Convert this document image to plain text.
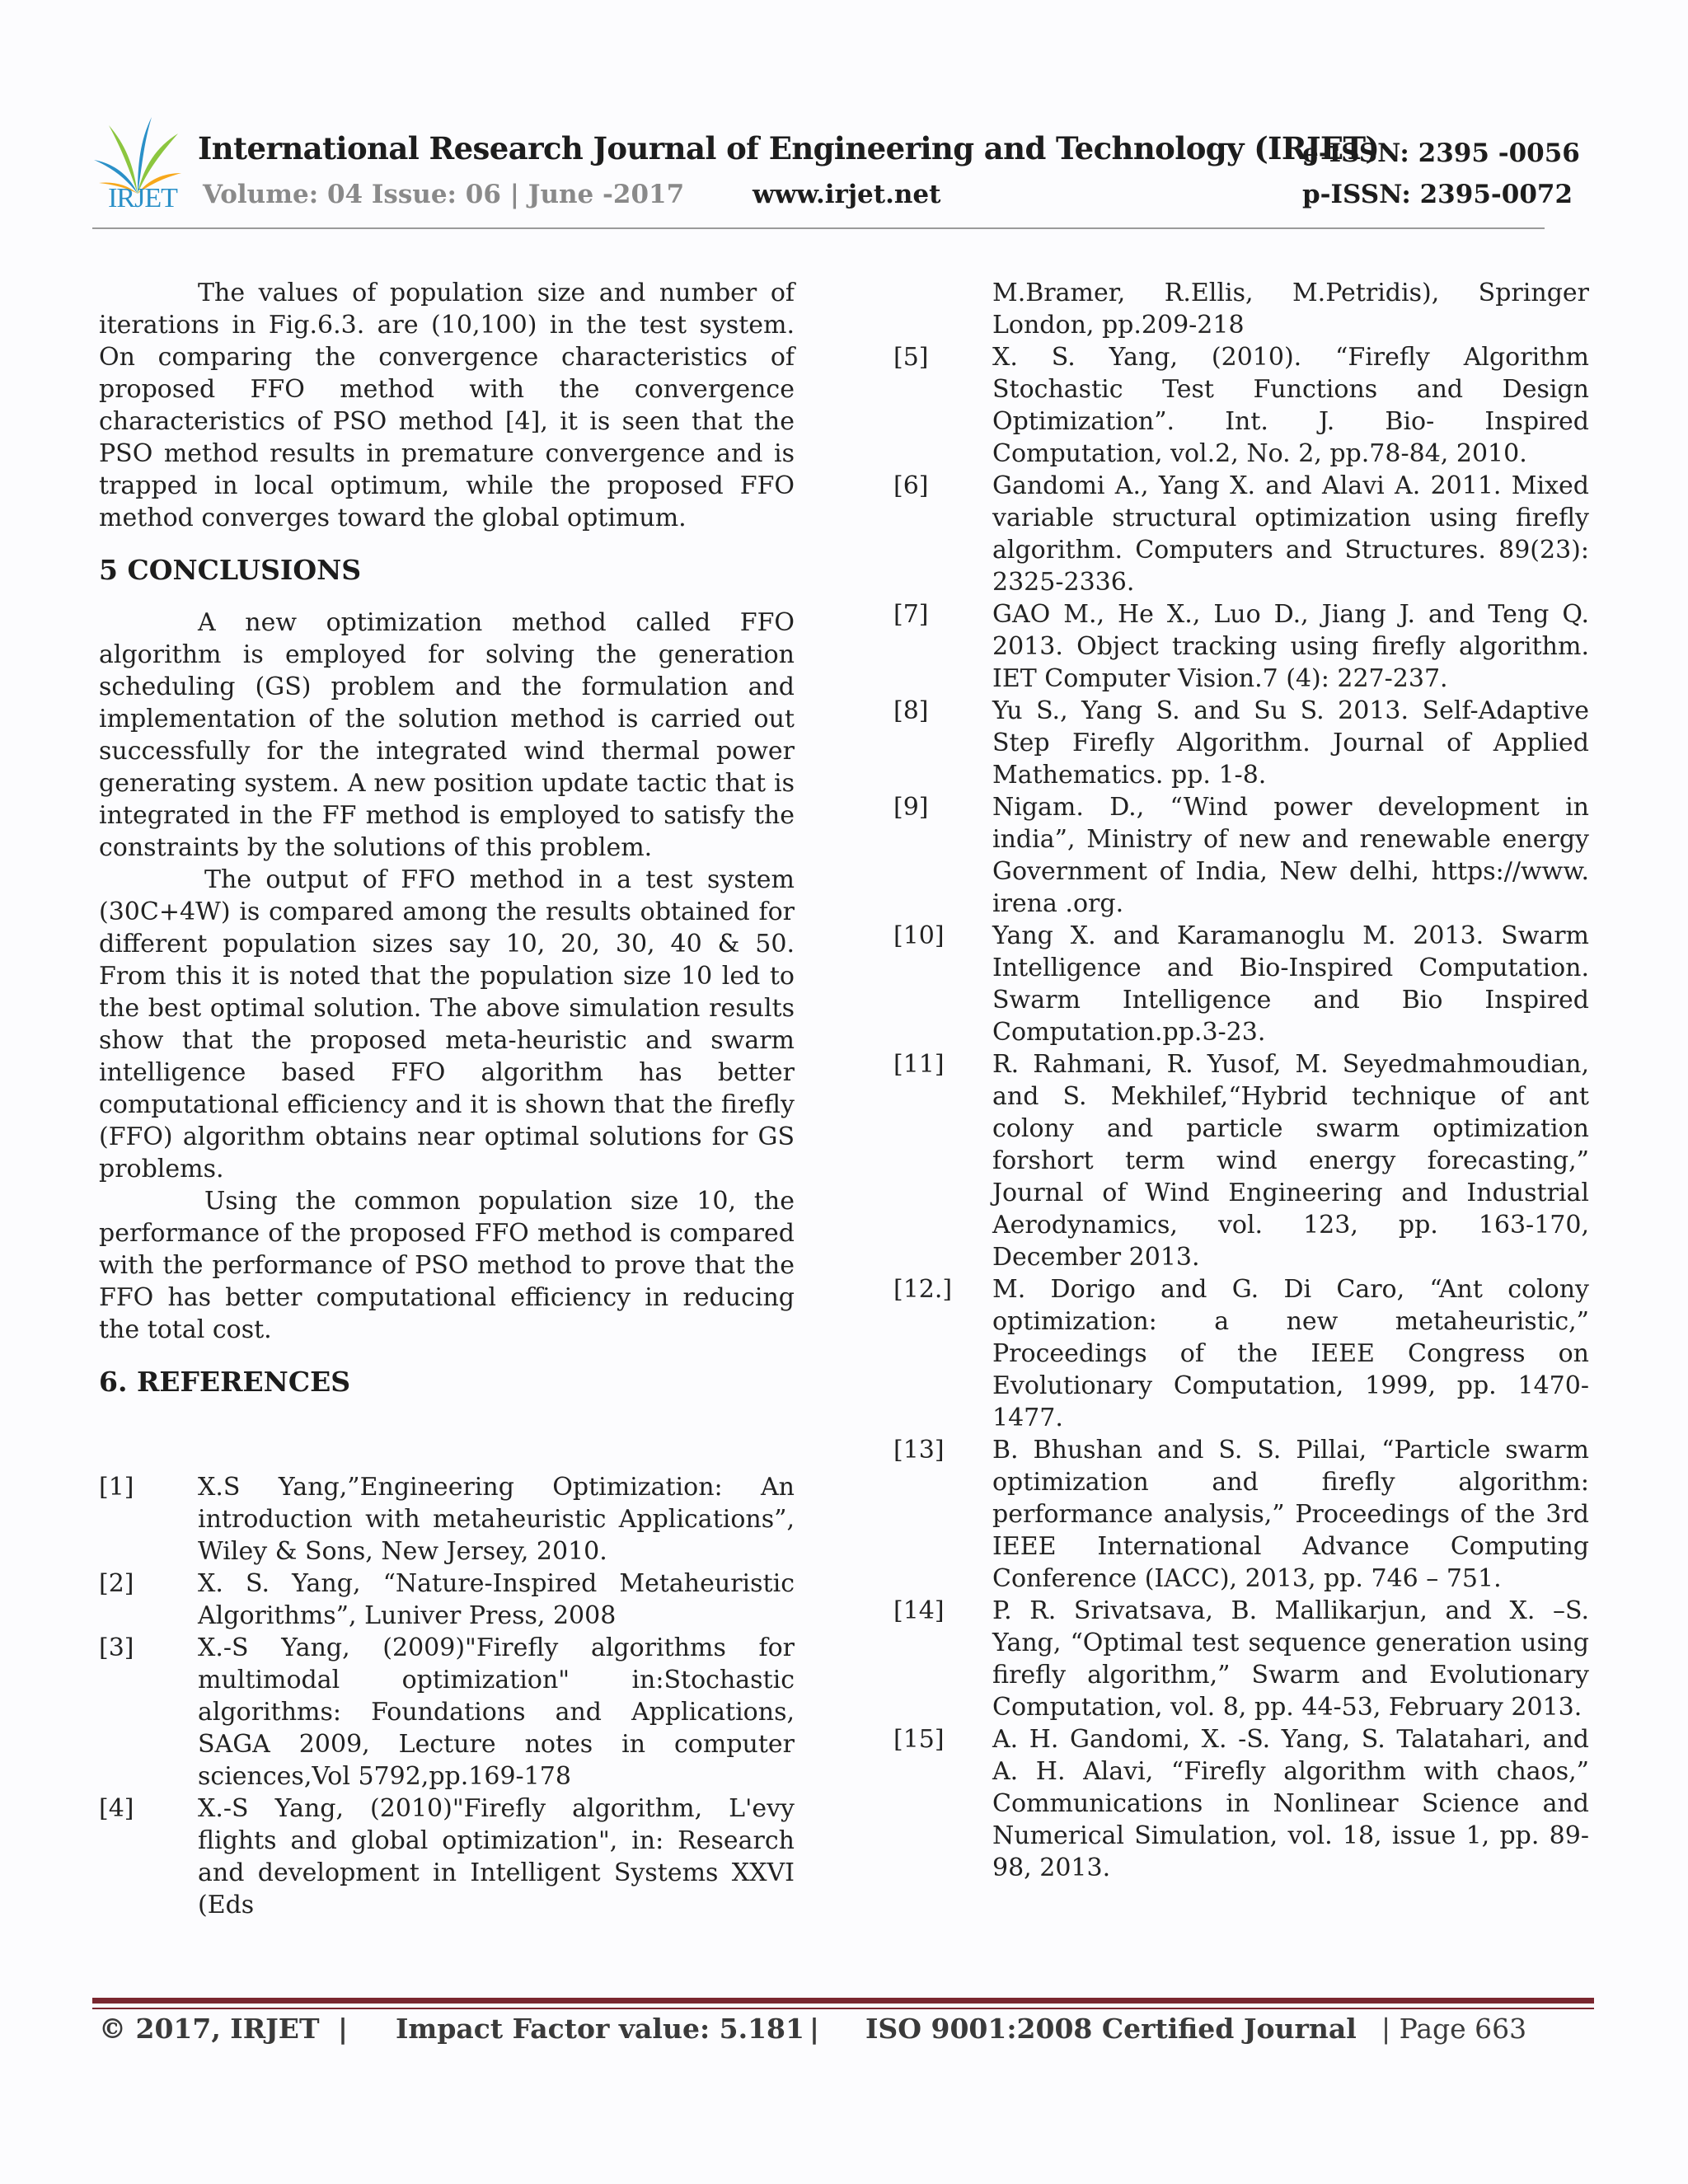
IRJET
International Research Journal of Engineering and Technology (IRJET)
e-ISSN: 2395 -0056
Volume: 04 Issue: 06 | June -2017	www.irjet.net	p-ISSN: 2395-0072

The values of population size and number of iterations in Fig.6.3. are (10,100) in the test system. On comparing the convergence characteristics of proposed FFO method with the convergence characteristics of PSO method [4], it is seen that the PSO method results in premature convergence and is trapped in local optimum, while the proposed FFO method converges toward the global optimum.

5 CONCLUSIONS

A new optimization method called FFO algorithm is employed for solving the generation scheduling (GS) problem and the formulation and implementation of the solution method is carried out successfully for the integrated wind thermal power generating system. A new position update tactic that is integrated in the FF method is employed to satisfy the constraints by the solutions of this problem.

The output of FFO method in a test system (30C+4W) is compared among the results obtained for different population sizes say 10, 20, 30, 40 & 50. From this it is noted that the population size 10 led to the best optimal solution. The above simulation results show that the proposed meta-heuristic and swarm intelligence based FFO algorithm has better computational efficiency and it is shown that the firefly (FFO) algorithm obtains near optimal solutions for GS problems.

Using the common population size 10, the performance of the proposed FFO method is compared with the performance of PSO method to prove that the FFO has better computational efficiency in reducing the total cost.

6. REFERENCES
[1]	X.S Yang,”Engineering Optimization: An introduction with metaheuristic Applications”, Wiley & Sons, New Jersey, 2010.
[2]	X. S. Yang, “Nature-Inspired Metaheuristic Algorithms”, Luniver Press, 2008
[3]	X.-S Yang, (2009)"Firefly algorithms for multimodal optimization" in:Stochastic algorithms: Foundations and Applications, SAGA 2009, Lecture notes in computer sciences,Vol 5792,pp.169-178
[4]	X.-S Yang, (2010)"Firefly algorithm, L'evy flights and global optimization", in: Research and development in Intelligent Systems XXVI (Eds

M.Bramer, R.Ellis, M.Petridis), Springer London, pp.209-218

[5]	X. S. Yang, (2010). “Firefly Algorithm Stochastic Test Functions and Design Optimization”. Int. J. Bio- Inspired Computation, vol.2, No. 2, pp.78-84, 2010.
[6]	Gandomi A., Yang X. and Alavi A. 2011. Mixed variable structural optimization using firefly algorithm. Computers and Structures. 89(23): 2325-2336.
[7]	GAO M., He X., Luo D., Jiang J. and Teng Q. 2013. Object tracking using firefly algorithm. IET Computer Vision.7 (4): 227-237.
[8]	Yu S., Yang S. and Su S. 2013. Self-Adaptive Step Firefly Algorithm. Journal of Applied Mathematics. pp. 1-8.
[9]	Nigam. D., “Wind power development in india”, Ministry of new and renewable energy Government of India, New delhi, https://www. irena .org.
[10]	Yang X. and Karamanoglu M. 2013. Swarm Intelligence and Bio-Inspired Computation. Swarm Intelligence and Bio Inspired Computation.pp.3-23.
[11]	R. Rahmani, R. Yusof, M. Seyedmahmoudian, and S. Mekhilef,“Hybrid technique of ant colony and particle swarm optimization forshort term wind energy forecasting,” Journal of Wind Engineering and Industrial Aerodynamics, vol. 123, pp. 163-170, December 2013.
[12.]	M. Dorigo and G. Di Caro, “Ant colony optimization: a new metaheuristic,” Proceedings of the IEEE Congress on Evolutionary Computation, 1999, pp. 1470-1477.
[13]	B. Bhushan and S. S. Pillai, “Particle swarm optimization and firefly algorithm: performance analysis,” Proceedings of the 3rd IEEE International Advance Computing Conference (IACC), 2013, pp. 746 – 751.
[14]	P. R. Srivatsava, B. Mallikarjun, and X. –S. Yang, “Optimal test sequence generation using firefly algorithm,” Swarm and Evolutionary Computation, vol. 8, pp. 44-53, February 2013.
[15]	A. H. Gandomi, X. -S. Yang, S. Talatahari, and A. H. Alavi, “Firefly algorithm with chaos,” Communications in Nonlinear Science and Numerical Simulation, vol. 18, issue 1, pp. 89-98, 2013.
© 2017, IRJET | Impact Factor value: 5.181 | ISO 9001:2008 Certified Journal | Page 663
